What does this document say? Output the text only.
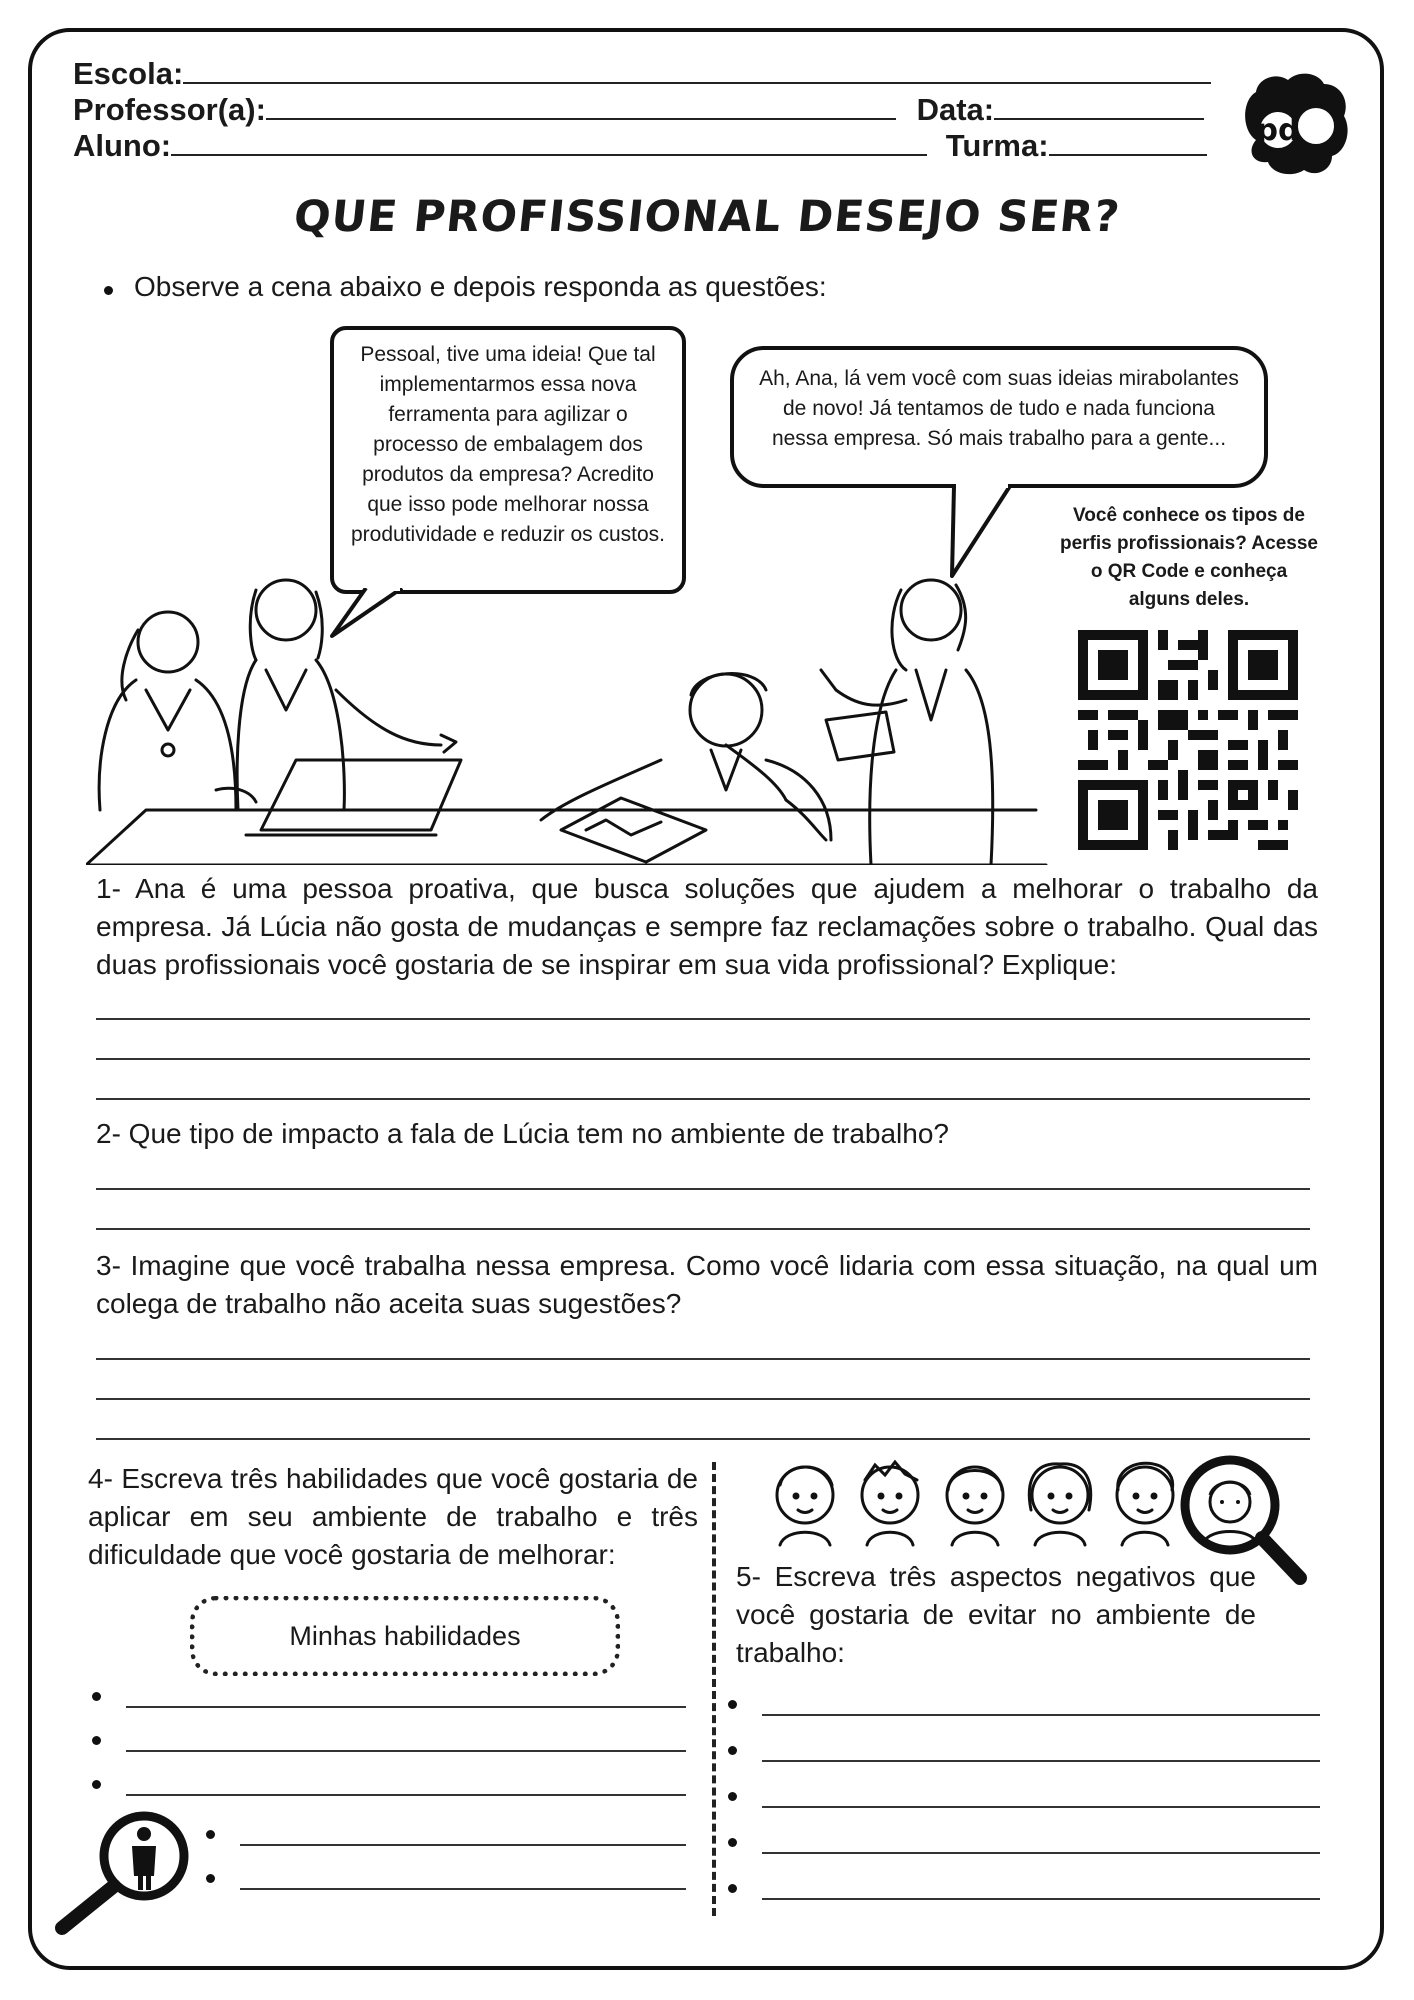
Escola:
Professor(a):	Data:
Aluno:	Turma:	pd
QUE PROFISSIONAL DESEJO SER?
Observe a cena abaixo e depois responda as questões:
Pessoal, tive uma ideia! Que tal implementarmos essa nova ferramenta para agilizar o processo de embalagem dos produtos da empresa? Acredito que isso pode melhorar nossa produtividade e reduzir os custos.
Ah, Ana, lá vem você com suas ideias mirabolantes de novo! Já tentamos de tudo e nada funciona nessa empresa. Só mais trabalho para a gente...
Você conhece os tipos de perfis profissionais? Acesse o QR Code e conheça alguns deles.
1- Ana é uma pessoa proativa, que busca soluções que ajudem a melhorar o trabalho da empresa. Já Lúcia não gosta de mudanças e sempre faz reclamações sobre o trabalho. Qual das duas profissionais você gostaria de se inspirar em sua vida profissional? Explique:
2- Que tipo de impacto a fala de Lúcia tem no ambiente de trabalho?
3- Imagine que você trabalha nessa empresa. Como você lidaria com essa situação, na qual um colega de trabalho não aceita suas sugestões?
4- Escreva três habilidades que você gostaria de aplicar em seu ambiente de trabalho e três dificuldade que você gostaria de melhorar:
Minhas habilidades
5- Escreva três aspectos negativos que você gostaria de evitar no ambiente de trabalho:
